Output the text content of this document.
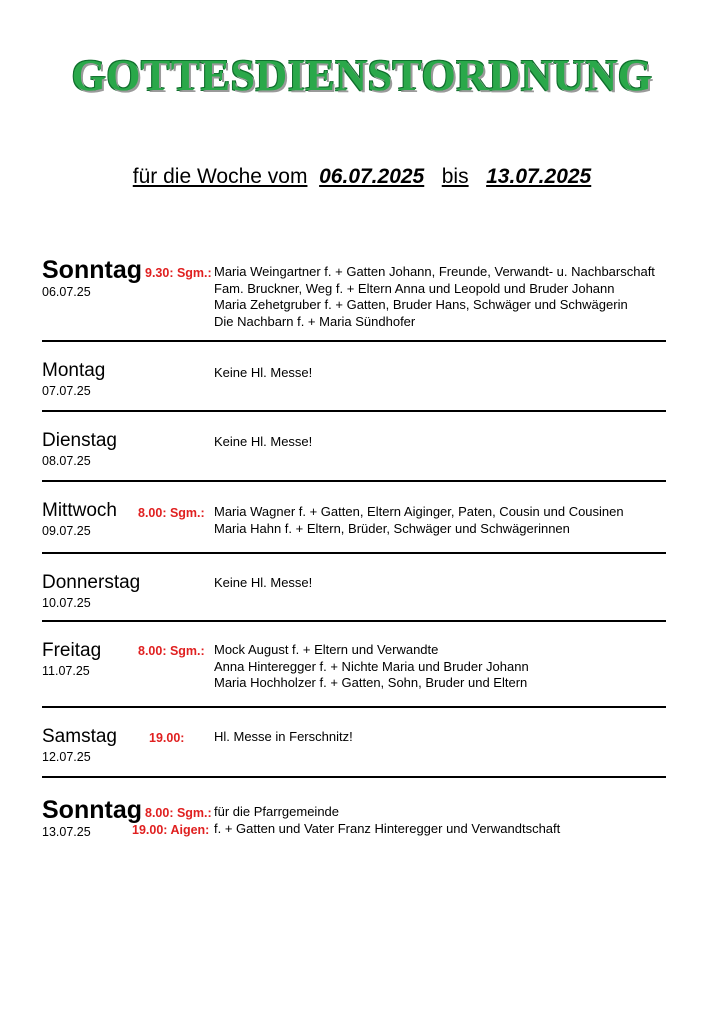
GOTTESDIENSTORDNUNG
für die Woche vom 06.07.2025 bis 13.07.2025
Sonntag
06.07.25
9.30: Sgm.: Maria Weingartner f. + Gatten Johann, Freunde, Verwandt- u. Nachbarschaft
Fam. Bruckner, Weg f. + Eltern Anna und Leopold und Bruder Johann
Maria Zehetgruber f. + Gatten, Bruder Hans, Schwäger und Schwägerin
Die Nachbarn f. + Maria Sündhofer
Montag
07.07.25
Keine Hl. Messe!
Dienstag
08.07.25
Keine Hl. Messe!
Mittwoch
09.07.25
8.00: Sgm.: Maria Wagner f. + Gatten, Eltern Aiginger, Paten, Cousin und Cousinen
Maria Hahn f. + Eltern, Brüder, Schwäger und Schwägerinnen
Donnerstag
10.07.25
Keine Hl. Messe!
Freitag
11.07.25
8.00: Sgm.: Mock August f. + Eltern und Verwandte
Anna Hinteregger f. + Nichte Maria und Bruder Johann
Maria Hochholzer f. + Gatten, Sohn, Bruder und Eltern
Samstag
12.07.25
19.00: Hl. Messe in Ferschnitz!
Sonntag
13.07.25
8.00: Sgm.:
19.00: Aigen:
für die Pfarrgemeinde
f. + Gatten und Vater Franz Hinteregger und Verwandtschaft
